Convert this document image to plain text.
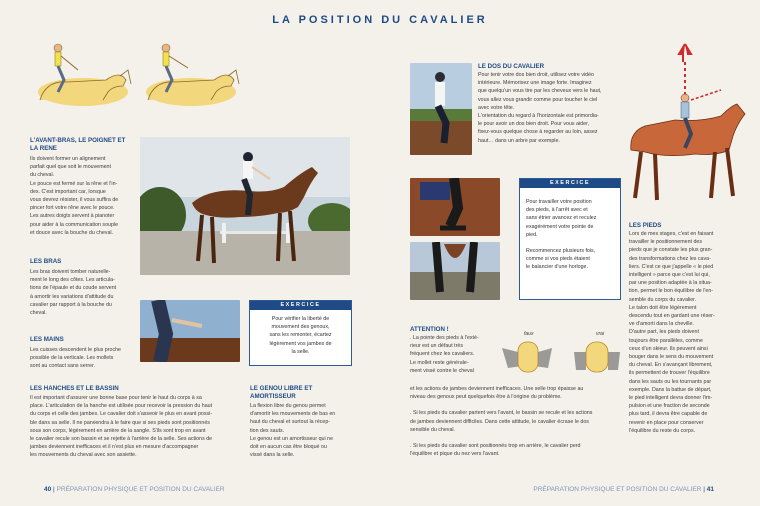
LA POSITION DU CAVALIER
L'AVANT-BRAS, LE POIGNET ET LA RENE
Ils doivent former un alignement
parfait quel que soit le mouvement
du cheval.
Le pouce est fermé sur la rêne et l'in-
dex. C'est important car, lorsque
vous devrez résister, il vous suffira de
pincer fort votre rêne avec le pouce.
Les autres doigts servent à pianoter
pour aider à la communication souple
et douce avec la bouche du cheval.
LES BRAS
Les bras doivent tomber naturelle-
ment le long des côtes. Les articula-
tions de l'épaule et du coude servent
à amortir les variations d'attitude du
cavalier par rapport à la bouche du
cheval.
LES MAINS
Les cuisses descendent le plus proche
possible de la verticale. Les mollets
sont au contact sans serrer.
EXERCICE
Pour vérifier la liberté de
mouvement des genoux,
sans les remonter, écartez
légèrement vos jambes de
la selle.
LES HANCHES ET LE BASSIN
Il est important d'assurer une bonne base pour tenir le haut du corps à sa
place. L'articulation de la hanche est utilisée pour recevoir la pression du haut
du corps et celle des jambes. Le cavalier doit s'asseoir le plus en avant possi-
ble dans sa selle. Il ne parviendra à le faire que si ses pieds sont positionnés
sous son corps, légèrement en arrière de la sangle. S'ils sont trop en avant
le cavalier recule son bassin et se rejette à l'arrière de la selle. Ses actions de
jambes deviennent inefficaces et il n'est plus en mesure d'accompagner
les mouvements du cheval avec son assiette.
LE GENOU LIBRE ET AMORTISSEUR
La flexion libre du genou permet
d'amortir les mouvements de bas en
haut du cheval et surtout la récep-
tion des sauts.
Le genou est un amortisseur qui ne
doit en aucun cas être bloqué ou
vissé dans la selle.
40 | PRÉPARATION PHYSIQUE ET POSITION DU CAVALIER
LE DOS DU CAVALIER
Pour tenir votre dos bien droit, utilisez votre vidéo
intérieure. Mémorisez une image forte. Imaginez
que quelqu'un vous tire par les cheveux vers le haut,
vous allez vous grandir comme pour toucher le ciel
avec votre tête.
L'orientation du regard à l'horizontale est primordia-
le pour avoir un dos bien droit. Pour vous aider,
fixez-vous quelque chose à regarder au loin, assez
haut… dans un arbre par exemple.
EXERCICE
Pour travailler votre position
des pieds, à l'arrêt avec et
sans étrier avancez et reculez
exagérément votre pointe de
pied.
Recommencez plusieurs fois,
comme si vos pieds étaient
le balancier d'une horloge.
ATTENTION !
. La pointe des pieds à l'exté-
rieur est un défaut très
fréquent chez les cavaliers.
Le mollet reste générale-
ment vissé contre le cheval
faux	vrai
et les actions de jambes deviennent inefficaces. Une selle trop épaisse au
niveau des genoux peut quelquefois être à l'origine du problème.
. Si les pieds du cavalier partent vers l'avant, le bassin se recule et les actions
de jambes deviennent difficiles. Dans cette attitude, le cavalier écrase le dos
sensible du cheval.
. Si les pieds du cavalier sont positionnés trop en arrière, le cavalier perd
l'équilibre et pique du nez vers l'avant.
LES PIEDS
Lors de mes stages, c'est en faisant
travailler le positionnement des
pieds que je constate les plus gran-
des transformations chez les cava-
liers. C'est ce que j'appelle « le pied
intelligent » parce que c'est lui qui,
par une position adaptée à la situa-
tion, permet le bon équilibre de l'en-
semble du corps du cavalier.
Le talon doit être légèrement
descendu tout en gardant une réser-
ve d'amorti dans la cheville.
D'autre part, les pieds doivent
toujours être parallèles, comme
ceux d'un skieur. Ils peuvent ainsi
bouger dans le sens du mouvement
du cheval. En s'avançant librement,
ils permettent de trouver l'équilibre
dans les sauts ou les tournants par
exemple. Dans la battue de départ,
le pied intelligent devra donner l'im-
pulsion et une fraction de seconde
plus tard, il devra être capable de
revenir en place pour conserver
l'équilibre du reste du corps.
PRÉPARATION PHYSIQUE ET POSITION DU CAVALIER | 41
